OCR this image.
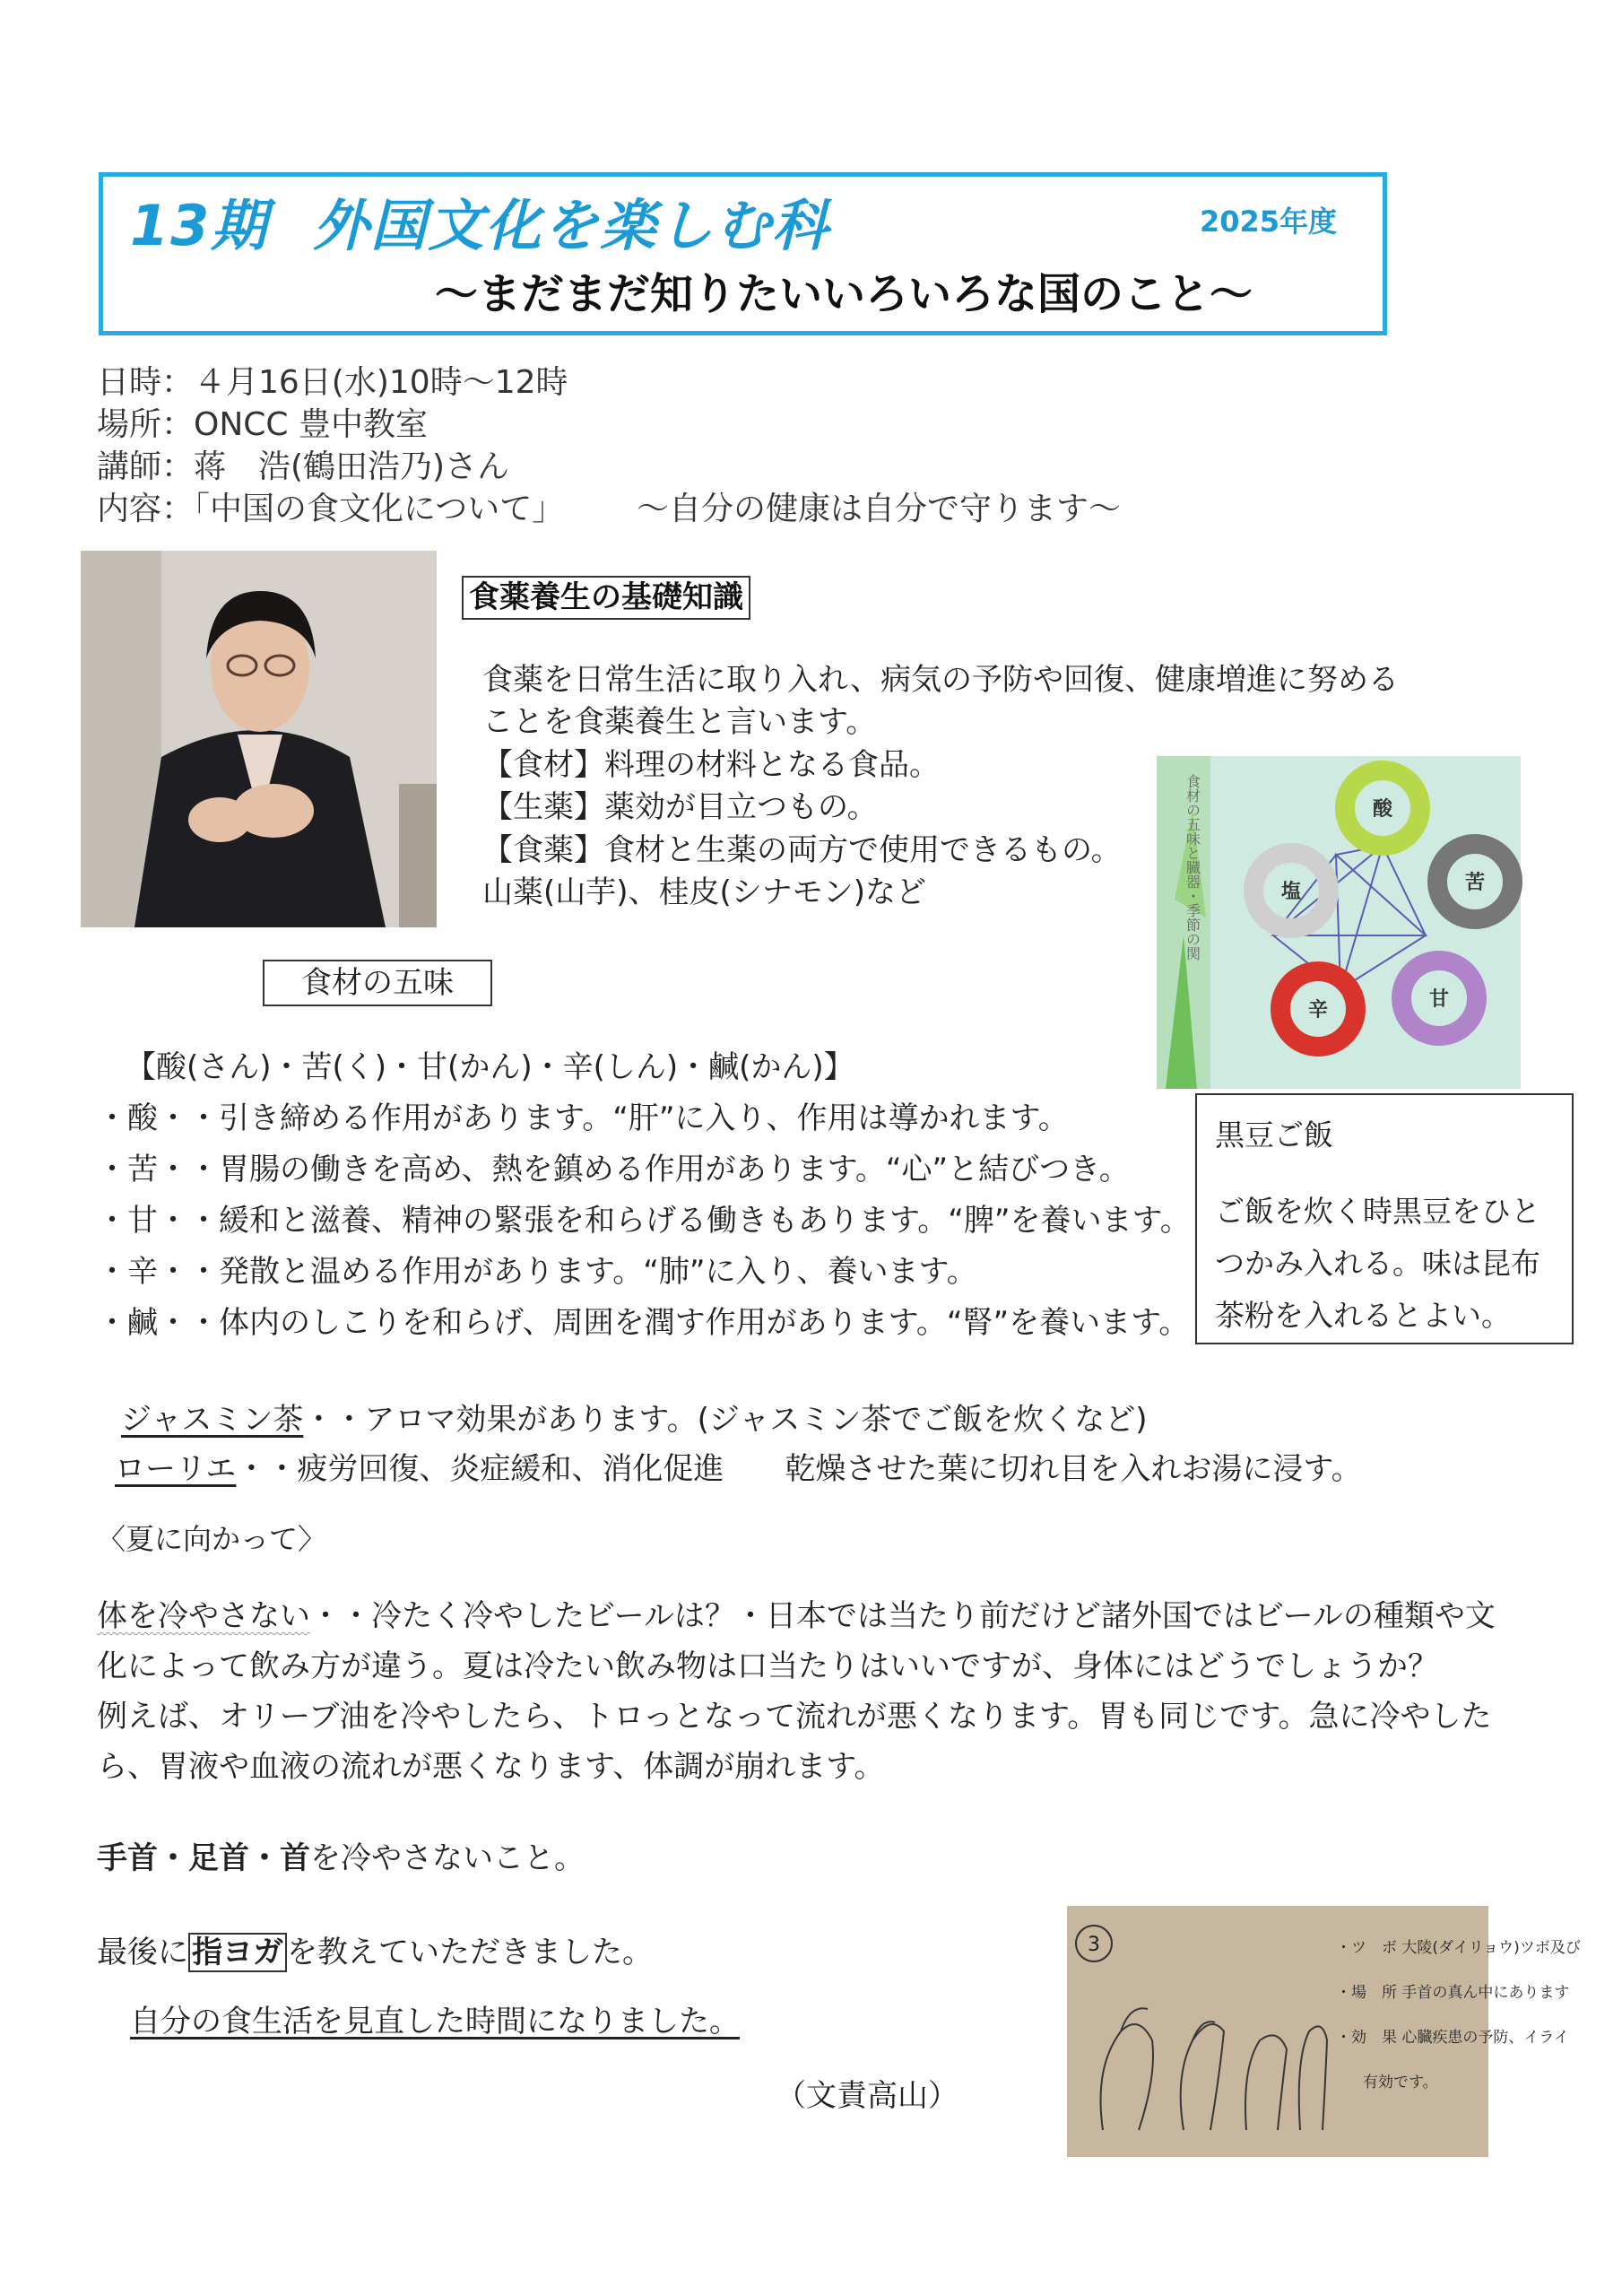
13期 外国文化を楽しむ科	2025年度
～まだまだ知りたいいろいろな国のこと～
日時：４月16日(水)10時～12時
場所：ONCC 豊中教室
講師：蒋　浩(鶴田浩乃)さん
内容：「中国の食文化について」 ～自分の健康は自分で守ります～
食薬養生の基礎知識
食薬を日常生活に取り入れ、病気の予防や回復、健康増進に努める
ことを食薬養生と言います。
【食材】料理の材料となる食品。
【生薬】薬効が目立つもの。
【食薬】食材と生薬の両方で使用できるもの。
山薬(山芋)、桂皮(シナモン)など	食材の五味と臓器・季節の関	酸
苦
甘
辛
塩
食材の五味
【酸(さん)・苦(く)・甘(かん)・辛(しん)・鹹(かん)】
・酸・・引き締める作用があります。“肝”に入り、作用は導かれます。
・苦・・胃腸の働きを高め、熱を鎮める作用があります。“心”と結びつき。
・甘・・緩和と滋養、精神の緊張を和らげる働きもあります。“脾”を養います。
・辛・・発散と温める作用があります。“肺”に入り、養います。
・鹹・・体内のしこりを和らげ、周囲を潤す作用があります。“腎”を養います。
黒豆ご飯
ご飯を炊く時黒豆をひと
つかみ入れる。味は昆布
茶粉を入れるとよい。
ジャスミン茶・・アロマ効果があります。(ジャスミン茶でご飯を炊くなど)
ローリエ・・疲労回復、炎症緩和、消化促進　　乾燥させた葉に切れ目を入れお湯に浸す。
〈夏に向かって〉
体を冷やさない・・冷たく冷やしたビールは？・日本では当たり前だけど諸外国ではビールの種類や文
化によって飲み方が違う。夏は冷たい飲み物は口当たりはいいですが、身体にはどうでしょうか？
例えば、オリーブ油を冷やしたら、トロっとなって流れが悪くなります。胃も同じです。急に冷やした
ら、胃液や血液の流れが悪くなります、体調が崩れます。
手首・足首・首を冷やさないこと。
最後に 指ヨガ を教えていただきました。
自分の食生活を見直した時間になりました。
（文責高山）
3	・ツ　ボ 大陵(ダイリョウ)ツボ及び
・場　所 手首の真ん中にあります
・効　果 心臓疾患の予防、イライ
有効です。
